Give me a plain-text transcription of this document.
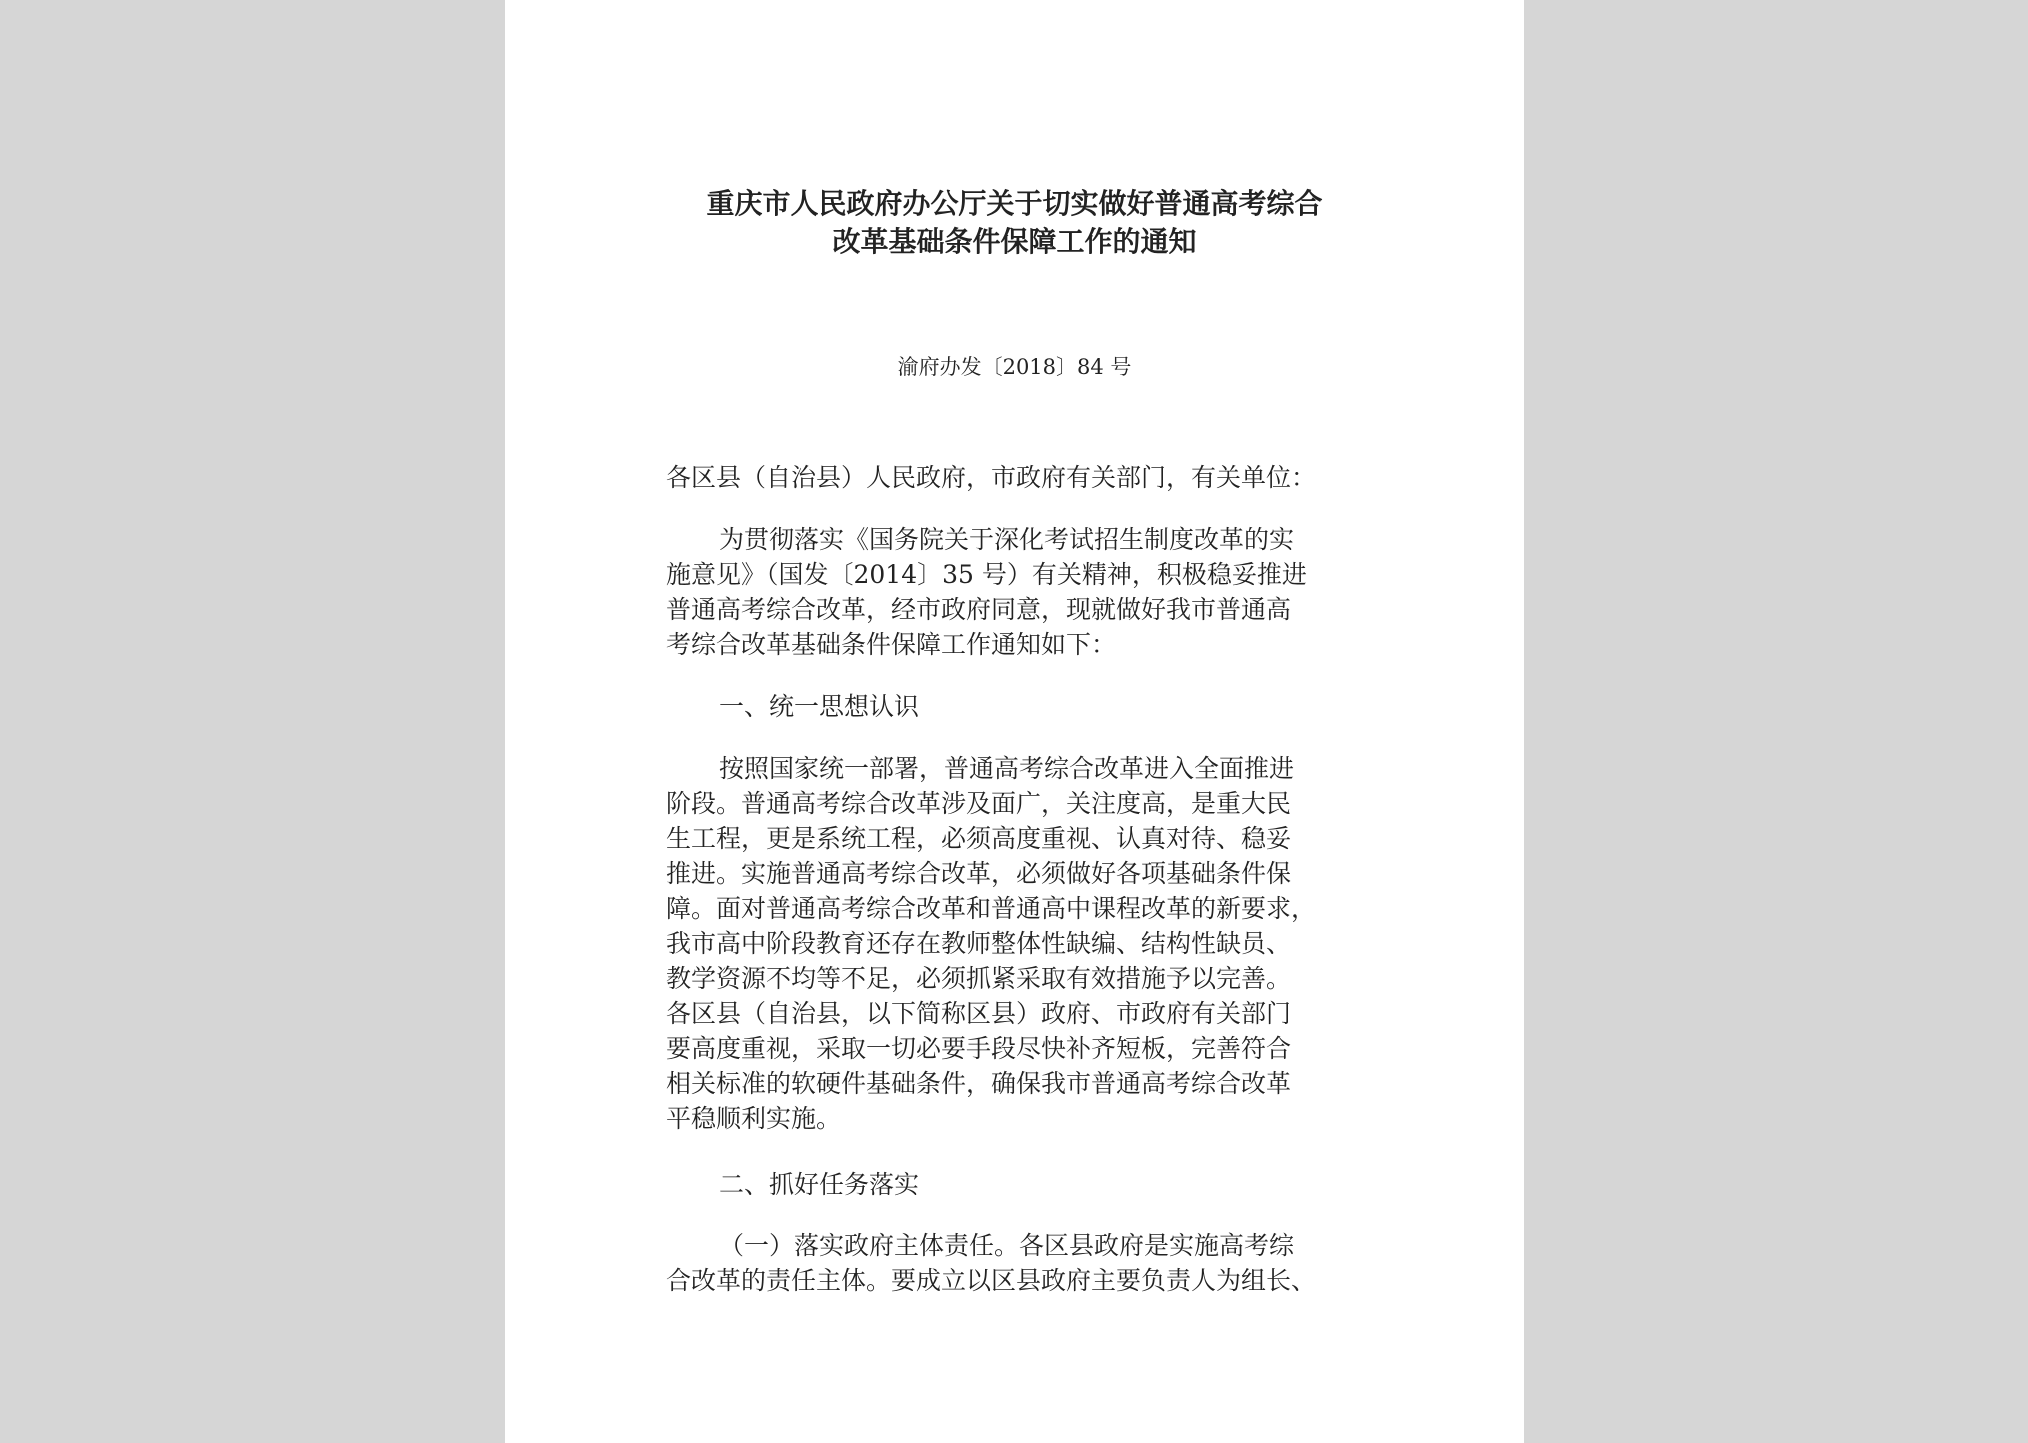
重庆市人民政府办公厅关于切实做好普通高考综合
改革基础条件保障工作的通知
渝府办发〔2018〕84 号
各区县（自治县）人民政府，市政府有关部门，有关单位：
为贯彻落实《国务院关于深化考试招生制度改革的实
施意见》（国发〔2014〕35 号）有关精神，积极稳妥推进
普通高考综合改革，经市政府同意，现就做好我市普通高
考综合改革基础条件保障工作通知如下：
一、统一思想认识
按照国家统一部署，普通高考综合改革进入全面推进
阶段。普通高考综合改革涉及面广，关注度高，是重大民
生工程，更是系统工程，必须高度重视、认真对待、稳妥
推进。实施普通高考综合改革，必须做好各项基础条件保
障。面对普通高考综合改革和普通高中课程改革的新要求，
我市高中阶段教育还存在教师整体性缺编、结构性缺员、
教学资源不均等不足，必须抓紧采取有效措施予以完善。
各区县（自治县，以下简称区县）政府、市政府有关部门
要高度重视，采取一切必要手段尽快补齐短板，完善符合
相关标准的软硬件基础条件，确保我市普通高考综合改革
平稳顺利实施。
二、抓好任务落实
（一）落实政府主体责任。各区县政府是实施高考综
合改革的责任主体。要成立以区县政府主要负责人为组长、
